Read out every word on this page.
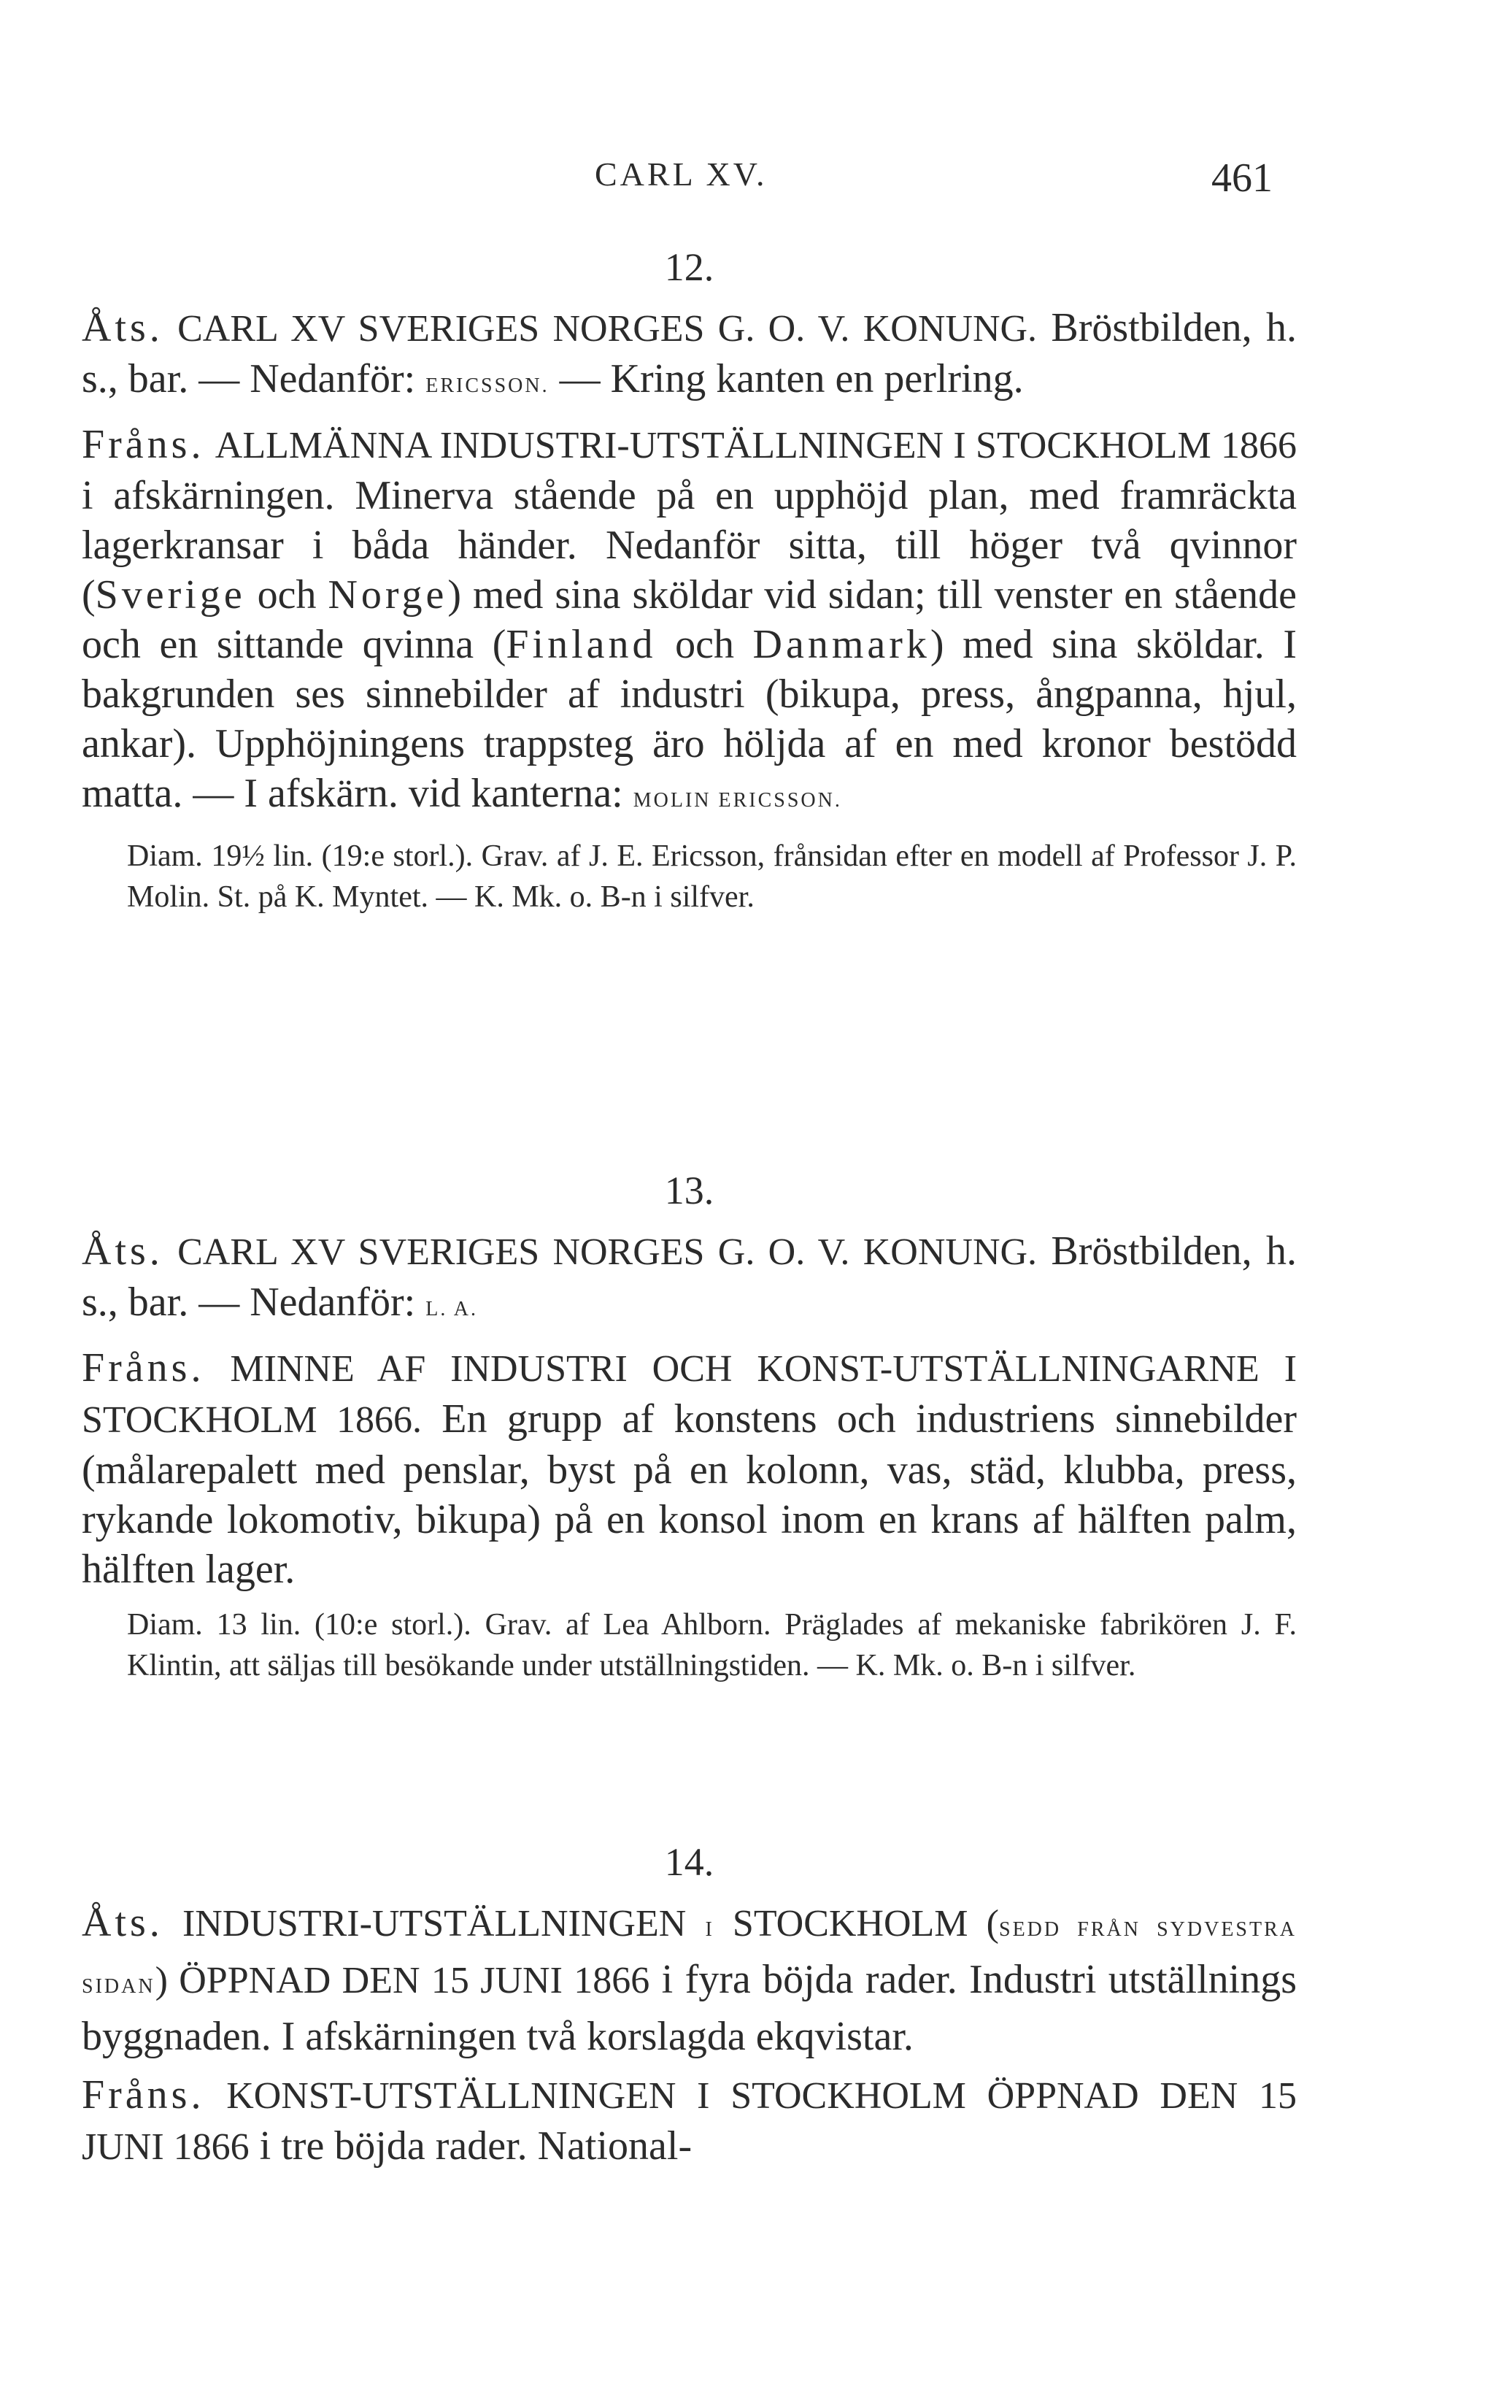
CARL XV.	461
12.

Åts. CARL XV SVERIGES NORGES G. O. V. KONUNG. Bröstbilden, h. s., bar. — Nedanför: ERICSSON. — Kring kanten en perlring.

Fråns. ALLMÄNNA INDUSTRI-UTSTÄLLNINGEN I STOCKHOLM 1866 i afskärningen. Minerva stående på en upphöjd plan, med framräckta lagerkransar i båda händer. Nedanför sitta, till höger två qvinnor (Sverige och Norge) med sina sköldar vid sidan; till venster en stående och en sittande qvinna (Finland och Danmark) med sina sköldar. I bakgrunden ses sinnebilder af industri (bikupa, press, ångpanna, hjul, ankar). Upphöjningens trappsteg äro höljda af en med kronor bestödd matta. — I afskärn. vid kanterna: MOLIN ERICSSON.

Diam. 19½ lin. (19:e storl.). Grav. af J. E. Ericsson, frånsidan efter en modell af Professor J. P. Molin. St. på K. Myntet. — K. Mk. o. B-n i silfver.

13.

Åts. CARL XV SVERIGES NORGES G. O. V. KONUNG. Bröstbilden, h. s., bar. — Nedanför: L. A.

Fråns. MINNE AF INDUSTRI OCH KONST-UTSTÄLLNINGARNE I STOCKHOLM 1866. En grupp af konstens och industriens sinnebilder (målarepalett med penslar, byst på en kolonn, vas, städ, klubba, press, rykande lokomotiv, bikupa) på en konsol inom en krans af hälften palm, hälften lager.

Diam. 13 lin. (10:e storl.). Grav. af Lea Ahlborn. Präglades af mekaniske fabrikören J. F. Klintin, att säljas till besökande under utställningstiden. — K. Mk. o. B-n i silfver.

14.

Åts. INDUSTRI-UTSTÄLLNINGEN I STOCKHOLM (SEDD FRÅN SYDVESTRA SIDAN) ÖPPNAD DEN 15 JUNI 1866 i fyra böjda rader. Industri utställnings byggnaden. I afskärningen två korslagda ekqvistar.

Fråns. KONST-UTSTÄLLNINGEN I STOCKHOLM ÖPPNAD DEN 15 JUNI 1866 i tre böjda rader. National-
